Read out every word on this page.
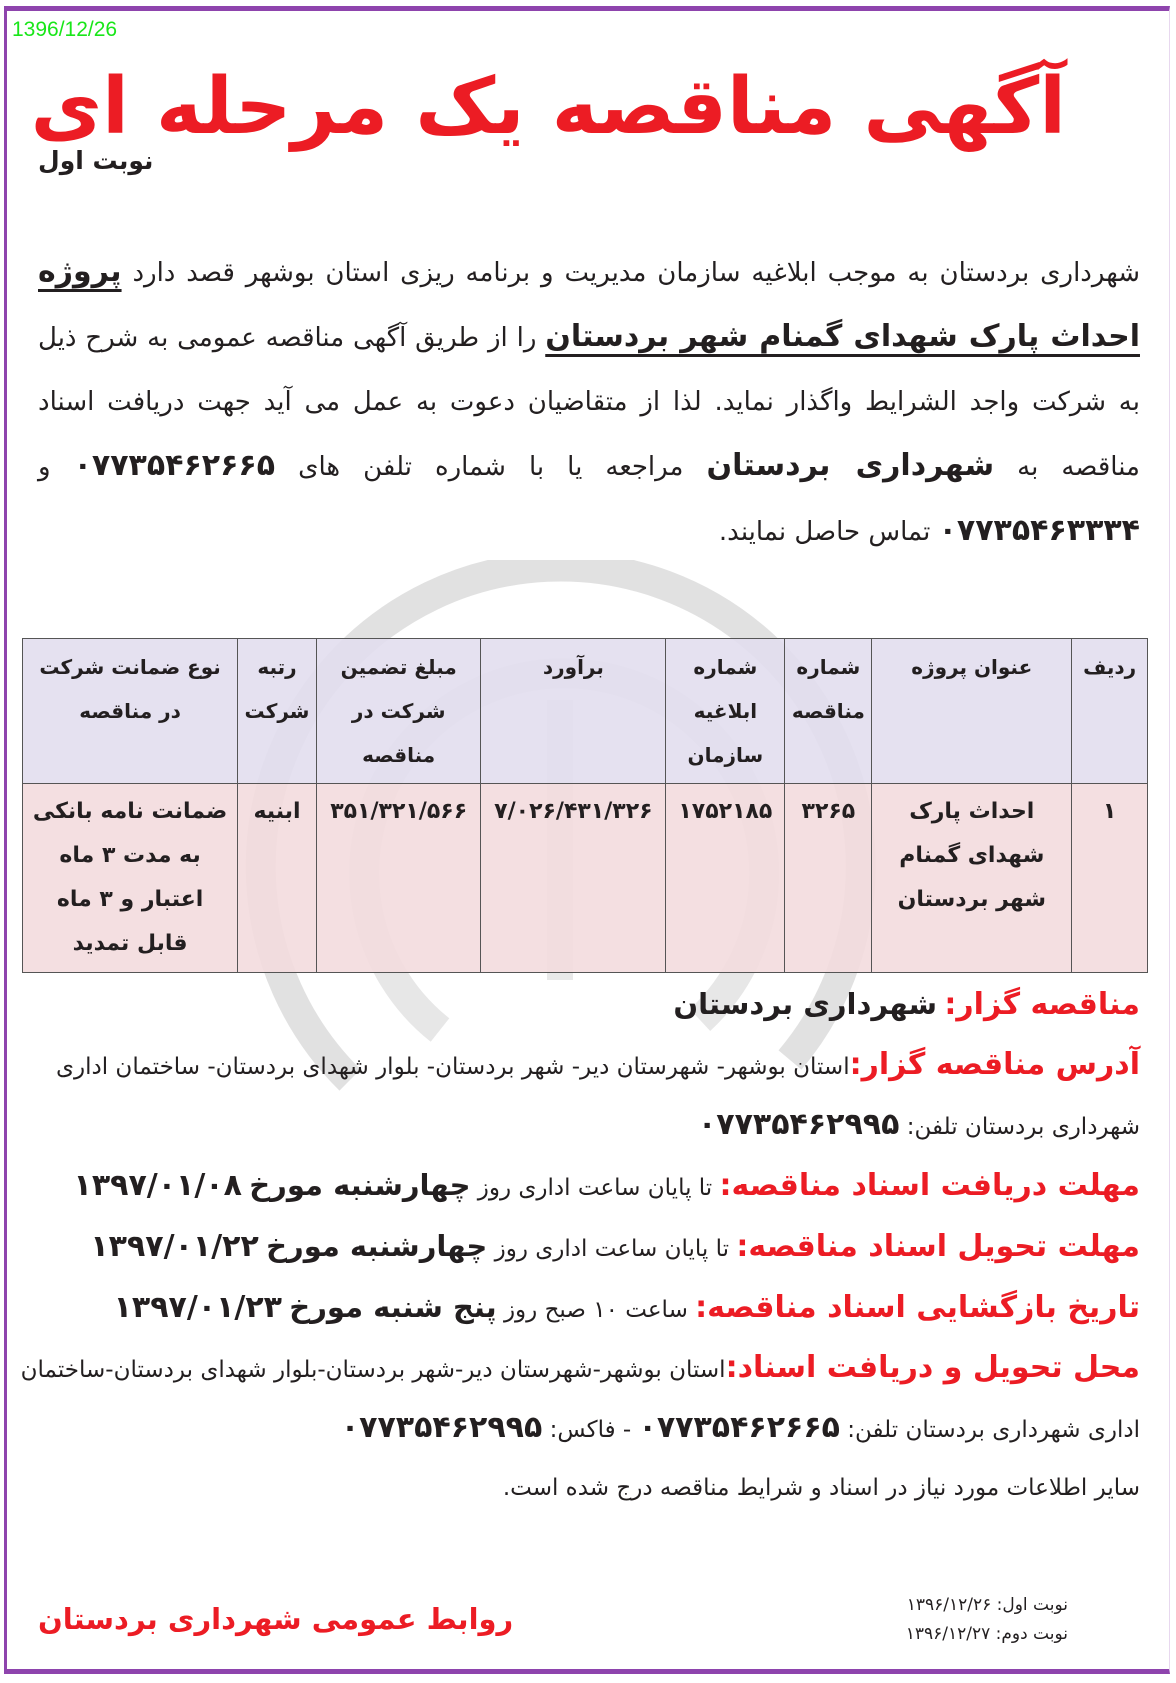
1396/12/26
آگهی مناقصه یک مرحله ای
نوبت اول
شهرداری بردستان به موجب ابلاغیه سازمان مدیریت و برنامه ریزی استان بوشهر قصد دارد پروژه احداث پارک شهدای گمنام شهر بردستان را از طریق آگهی مناقصه عمومی به شرح ذیل به شرکت واجد الشرایط واگذار نماید. لذا از متقاضیان دعوت به عمل می آید جهت دریافت اسناد مناقصه به شهرداری بردستان مراجعه یا با شماره تلفن های ۰۷۷۳۵۴۶۲۶۶۵ و ۰۷۷۳۵۴۶۳۳۳۴ تماس حاصل نمایند.
ردیف	عنوان پروژه	شماره مناقصه	شماره ابلاغیه سازمان	برآورد	مبلغ تضمین شرکت در مناقصه	رتبه شرکت	نوع ضمانت شرکت در مناقصه
۱	احداث پارک شهدای گمنام شهر بردستان	۳۲۶۵	۱۷۵۲۱۸۵	۷/۰۲۶/۴۳۱/۳۲۶	۳۵۱/۳۲۱/۵۶۶	ابنیه	ضمانت نامه بانکی به مدت ۳ ماه اعتبار و ۳ ماه قابل تمدید
مناقصه گزار: شهرداری بردستان
آدرس مناقصه گزار:استان بوشهر- شهرستان دیر- شهر بردستان- بلوار شهدای بردستان- ساختمان اداری
شهرداری بردستان تلفن: ۰۷۷۳۵۴۶۲۹۹۵
مهلت دریافت اسناد مناقصه: تا پایان ساعت اداری روز چهارشنبه مورخ ۱۳۹۷/۰۱/۰۸
مهلت تحویل اسناد مناقصه: تا پایان ساعت اداری روز چهارشنبه مورخ ۱۳۹۷/۰۱/۲۲
تاریخ بازگشایی اسناد مناقصه: ساعت ۱۰ صبح روز پنج شنبه مورخ ۱۳۹۷/۰۱/۲۳
محل تحویل و دریافت اسناد:استان بوشهر-شهرستان دیر-شهر بردستان-بلوار شهدای بردستان-ساختمان
اداری شهرداری بردستان تلفن: ۰۷۷۳۵۴۶۲۶۶۵ - فاکس: ۰۷۷۳۵۴۶۲۹۹۵
سایر اطلاعات مورد نیاز در اسناد و شرایط مناقصه درج شده است.
روابط عمومی شهرداری بردستان	نوبت اول: ۱۳۹۶/۱۲/۲۶
نوبت دوم: ۱۳۹۶/۱۲/۲۷
